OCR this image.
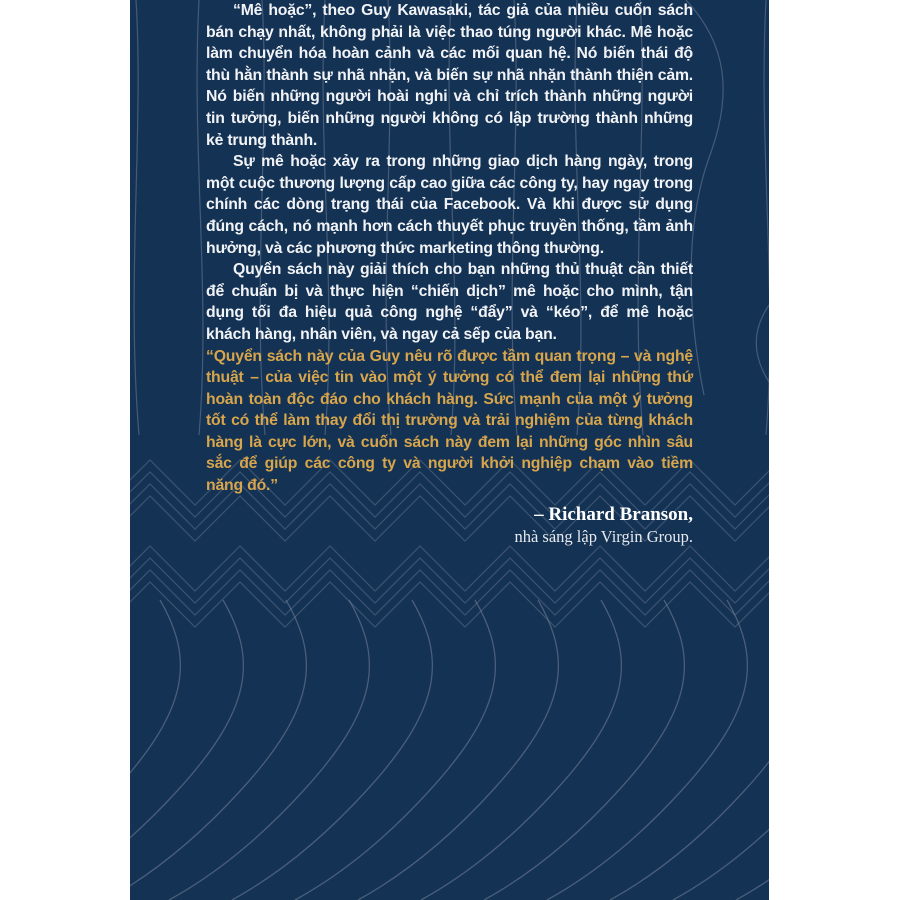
“Mê hoặc”, theo Guy Kawasaki, tác giả của nhiều cuốn sách bán chạy nhất, không phải là việc thao túng người khác. Mê hoặc làm chuyển hóa hoàn cảnh và các mối quan hệ. Nó biến thái độ thù hằn thành sự nhã nhặn, và biến sự nhã nhặn thành thiện cảm. Nó biến những người hoài nghi và chỉ trích thành những người tin tưởng, biến những người không có lập trường thành những kẻ trung thành.

Sự mê hoặc xảy ra trong những giao dịch hàng ngày, trong một cuộc thương lượng cấp cao giữa các công ty, hay ngay trong chính các dòng trạng thái của Facebook. Và khi được sử dụng đúng cách, nó mạnh hơn cách thuyết phục truyền thống, tầm ảnh hưởng, và các phương thức marketing thông thường.

Quyển sách này giải thích cho bạn những thủ thuật cần thiết để chuẩn bị và thực hiện “chiến dịch” mê hoặc cho mình, tận dụng tối đa hiệu quả công nghệ “đẩy” và “kéo”, để mê hoặc khách hàng, nhân viên, và ngay cả sếp của bạn.

“Quyển sách này của Guy nêu rõ được tầm quan trọng – và nghệ thuật – của việc tin vào một ý tưởng có thể đem lại những thứ hoàn toàn độc đáo cho khách hàng. Sức mạnh của một ý tưởng tốt có thể làm thay đổi thị trường và trải nghiệm của từng khách hàng là cực lớn, và cuốn sách này đem lại những góc nhìn sâu sắc để giúp các công ty và người khởi nghiệp chạm vào tiềm năng đó.”

– Richard Branson,
nhà sáng lập Virgin Group.
